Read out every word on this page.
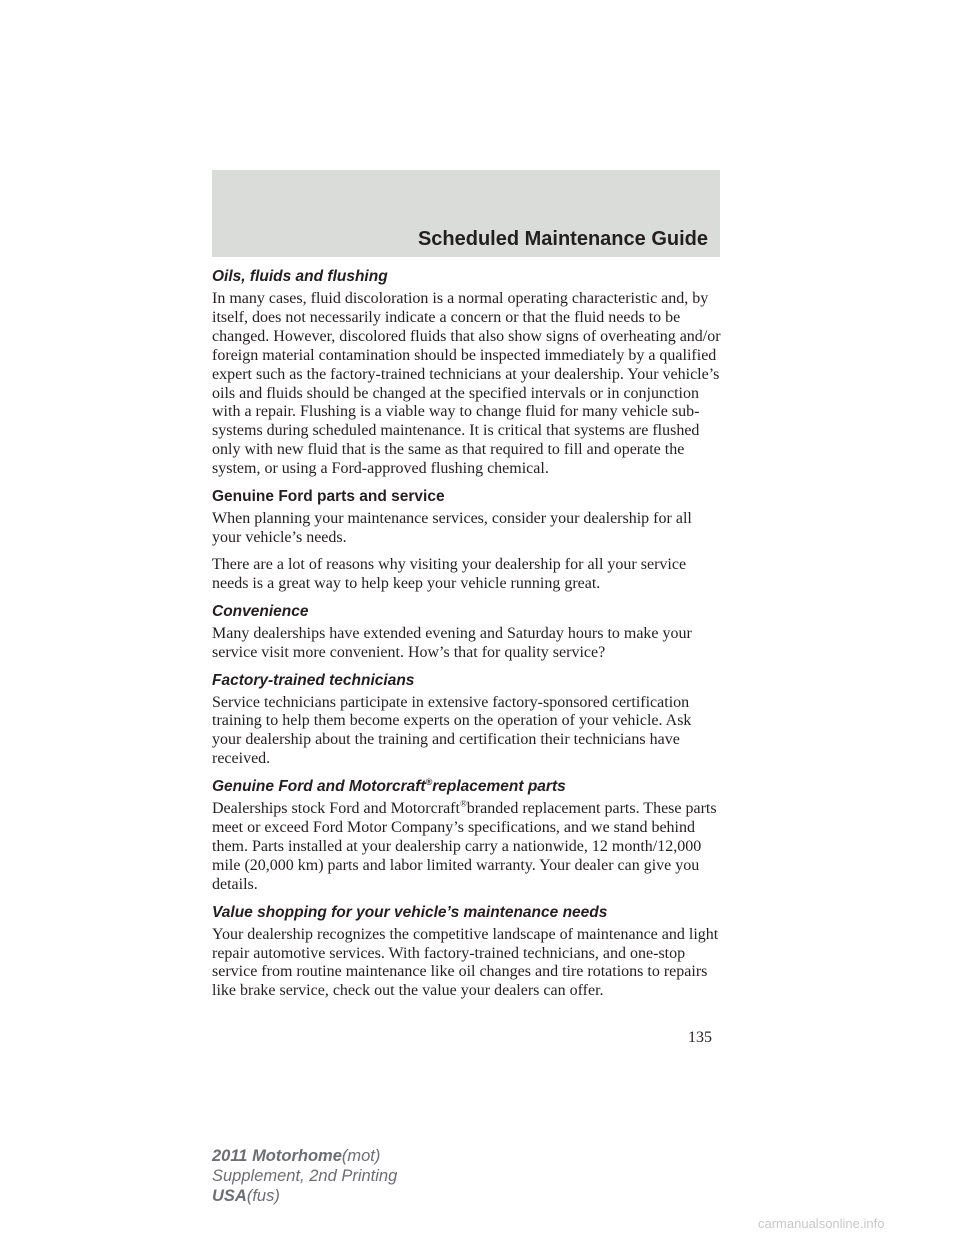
Scheduled Maintenance Guide
Oils, fluids and flushing

In many cases, fluid discoloration is a normal operating characteristic and, by itself, does not necessarily indicate a concern or that the fluid needs to be changed. However, discolored fluids that also show signs of overheating and/or foreign material contamination should be inspected immediately by a qualified expert such as the factory-trained technicians at your dealership. Your vehicle’s oils and fluids should be changed at the specified intervals or in conjunction with a repair. Flushing is a viable way to change fluid for many vehicle sub-systems during scheduled maintenance. It is critical that systems are flushed only with new fluid that is the same as that required to fill and operate the system, or using a Ford-approved flushing chemical.

Genuine Ford parts and service

When planning your maintenance services, consider your dealership for all your vehicle’s needs.

There are a lot of reasons why visiting your dealership for all your service needs is a great way to help keep your vehicle running great.

Convenience

Many dealerships have extended evening and Saturday hours to make your service visit more convenient. How’s that for quality service?

Factory-trained technicians

Service technicians participate in extensive factory-sponsored certification training to help them become experts on the operation of your vehicle. Ask your dealership about the training and certification their technicians have received.

Genuine Ford and Motorcraft®replacement parts

Dealerships stock Ford and Motorcraft®branded replacement parts. These parts meet or exceed Ford Motor Company’s specifications, and we stand behind them. Parts installed at your dealership carry a nationwide, 12 month/12,000 mile (20,000 km) parts and labor limited warranty. Your dealer can give you details.

Value shopping for your vehicle’s maintenance needs

Your dealership recognizes the competitive landscape of maintenance and light repair automotive services. With factory-trained technicians, and one-stop service from routine maintenance like oil changes and tire rotations to repairs like brake service, check out the value your dealers can offer.

135
2011 Motorhome(mot)
Supplement, 2nd Printing
USA(fus)
carmanualsonline.info
